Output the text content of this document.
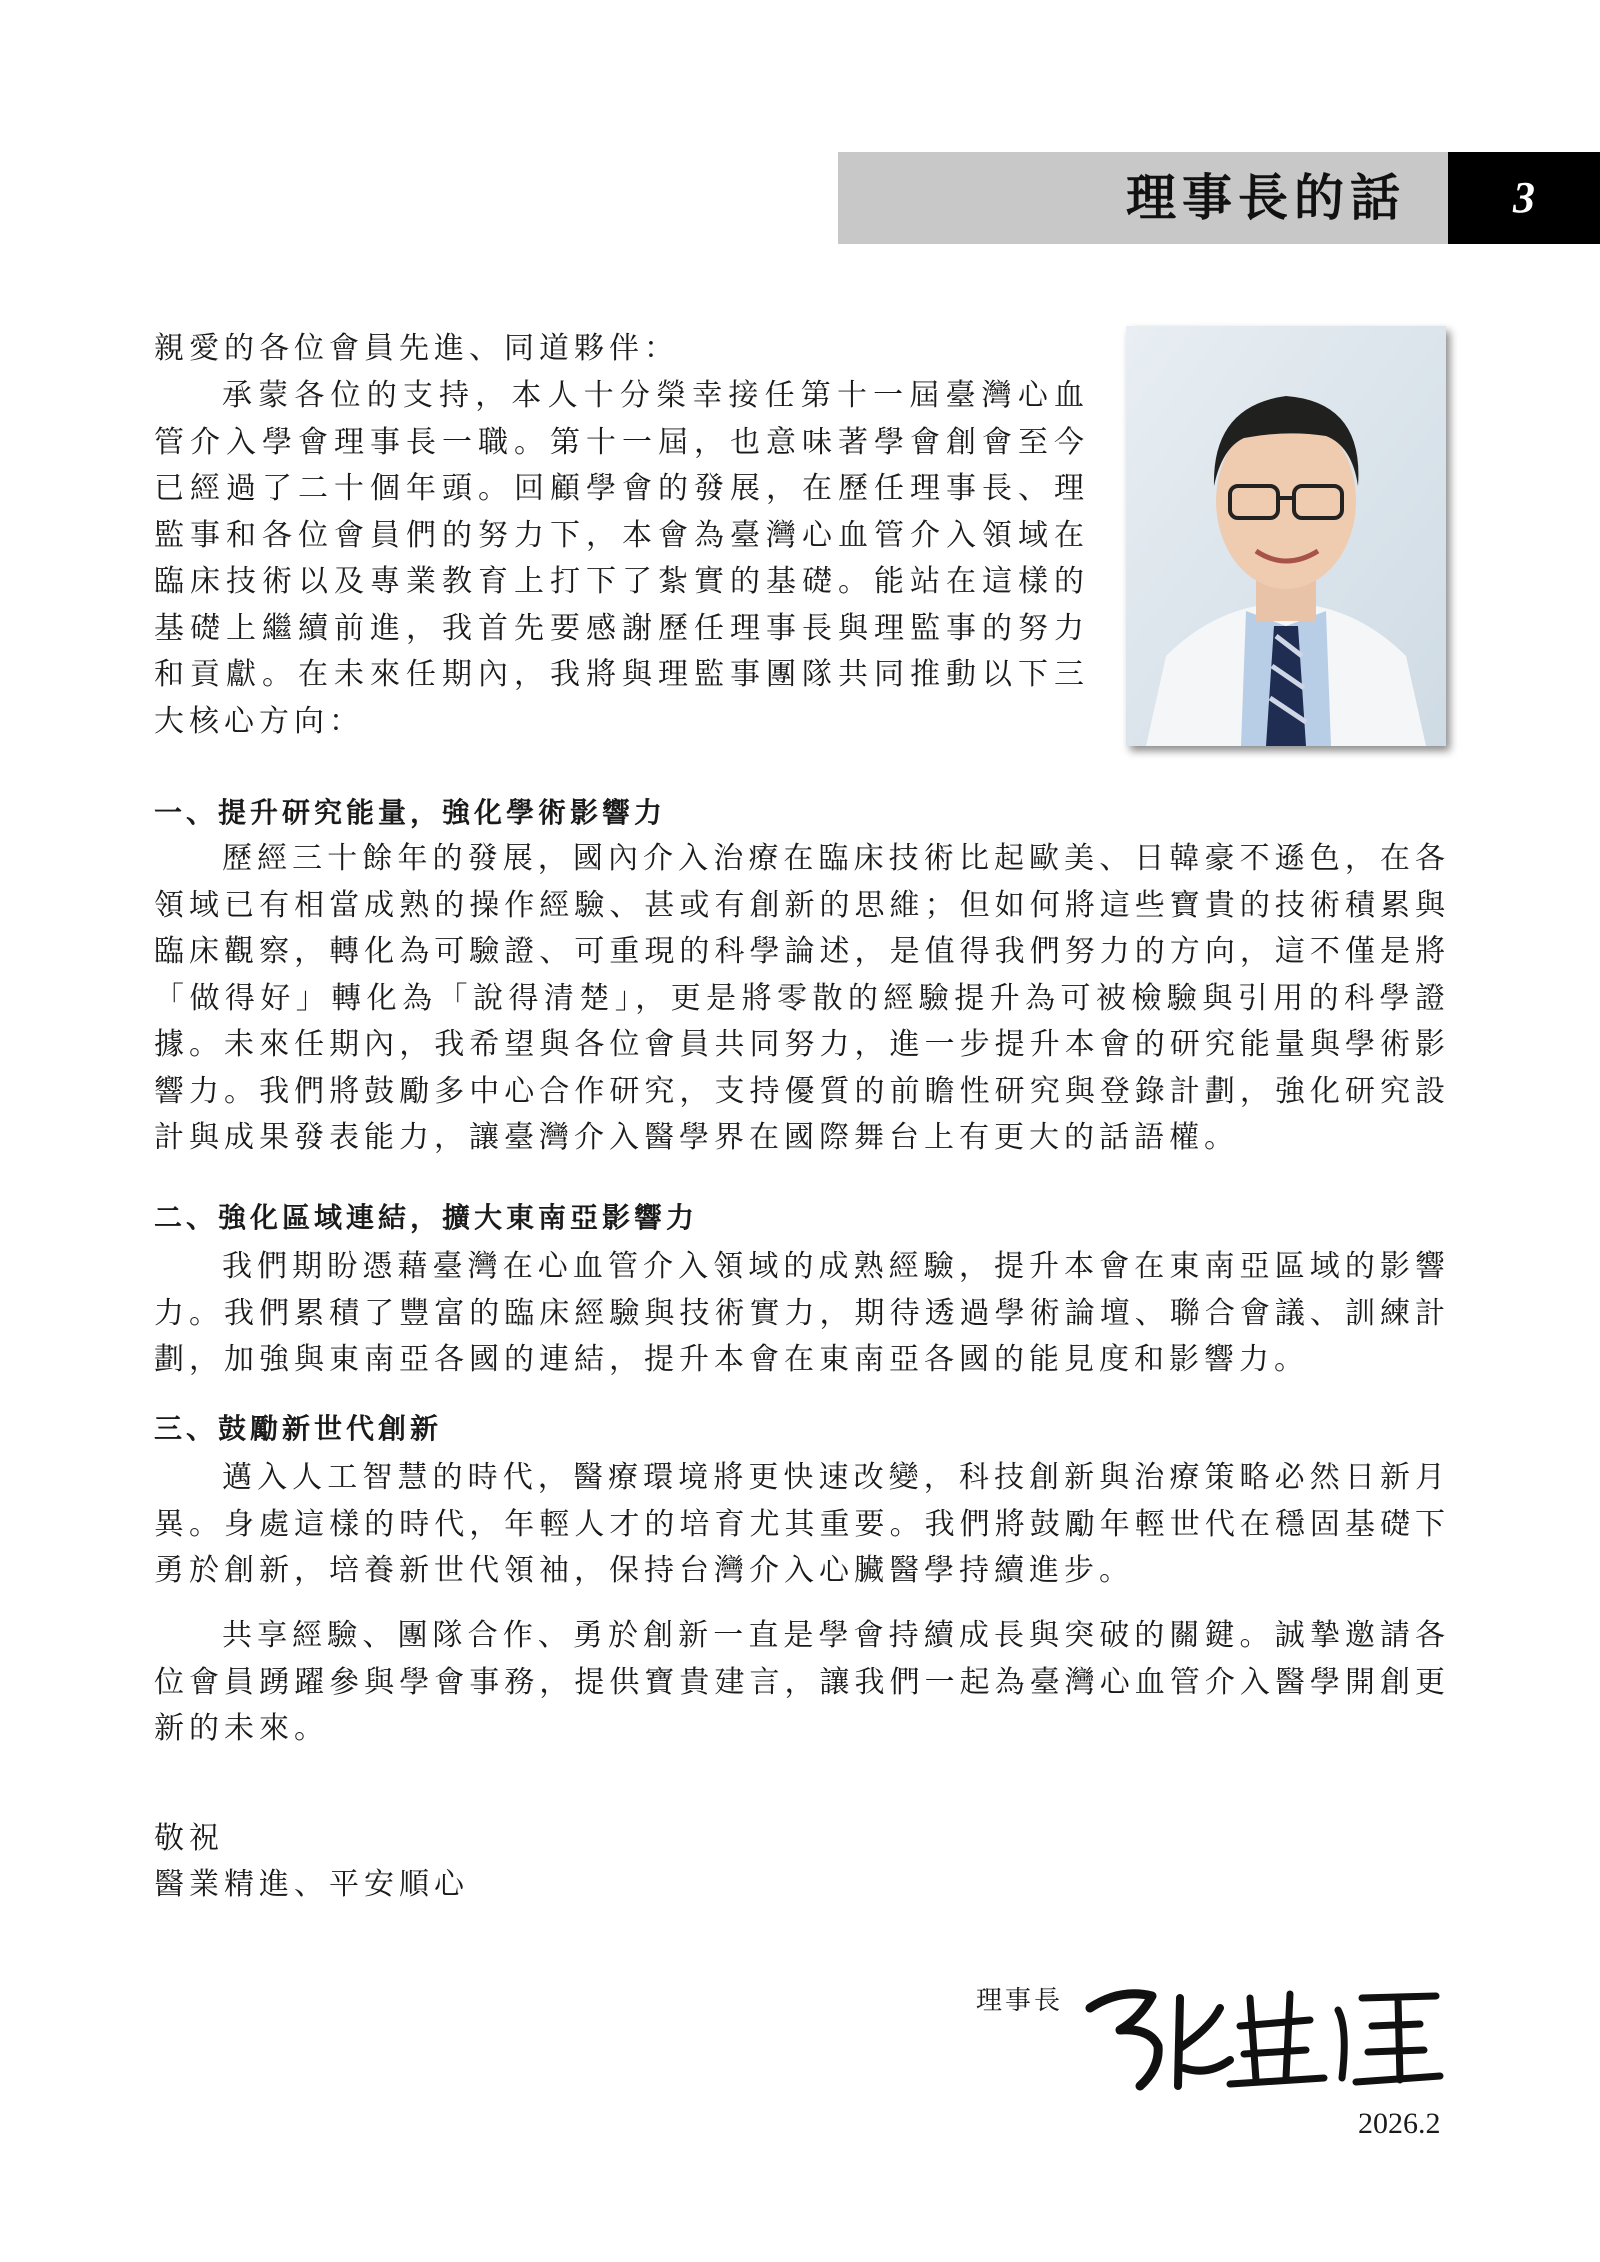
理事長的話	3
親愛的各位會員先進、同道夥伴：

承蒙各位的支持，本人十分榮幸接任第十一屆臺灣心血管介入學會理事長一職。第十一屆，也意味著學會創會至今已經過了二十個年頭。回顧學會的發展，在歷任理事長、理監事和各位會員們的努力下，本會為臺灣心血管介入領域在臨床技術以及專業教育上打下了紮實的基礎。能站在這樣的基礎上繼續前進，我首先要感謝歷任理事長與理監事的努力和貢獻。在未來任期內，我將與理監事團隊共同推動以下三大核心方向：

一、提升研究能量，強化學術影響力

歷經三十餘年的發展，國內介入治療在臨床技術比起歐美、日韓豪不遜色，在各領域已有相當成熟的操作經驗、甚或有創新的思維；但如何將這些寶貴的技術積累與臨床觀察，轉化為可驗證、可重現的科學論述，是值得我們努力的方向，這不僅是將「做得好」轉化為「說得清楚」，更是將零散的經驗提升為可被檢驗與引用的科學證據。未來任期內，我希望與各位會員共同努力，進一步提升本會的研究能量與學術影響力。我們將鼓勵多中心合作研究，支持優質的前瞻性研究與登錄計劃，強化研究設計與成果發表能力，讓臺灣介入醫學界在國際舞台上有更大的話語權。

二、強化區域連結，擴大東南亞影響力

我們期盼憑藉臺灣在心血管介入領域的成熟經驗，提升本會在東南亞區域的影響力。我們累積了豐富的臨床經驗與技術實力，期待透過學術論壇、聯合會議、訓練計劃，加強與東南亞各國的連結，提升本會在東南亞各國的能見度和影響力。

三、鼓勵新世代創新

邁入人工智慧的時代，醫療環境將更快速改變，科技創新與治療策略必然日新月異。身處這樣的時代，年輕人才的培育尤其重要。我們將鼓勵年輕世代在穩固基礎下勇於創新，培養新世代領袖，保持台灣介入心臟醫學持續進步。

共享經驗、團隊合作、勇於創新一直是學會持續成長與突破的關鍵。誠摯邀請各位會員踴躍參與學會事務，提供寶貴建言，讓我們一起為臺灣心血管介入醫學開創更新的未來。

敬祝
醫業精進、平安順心
理事長
2026.2
